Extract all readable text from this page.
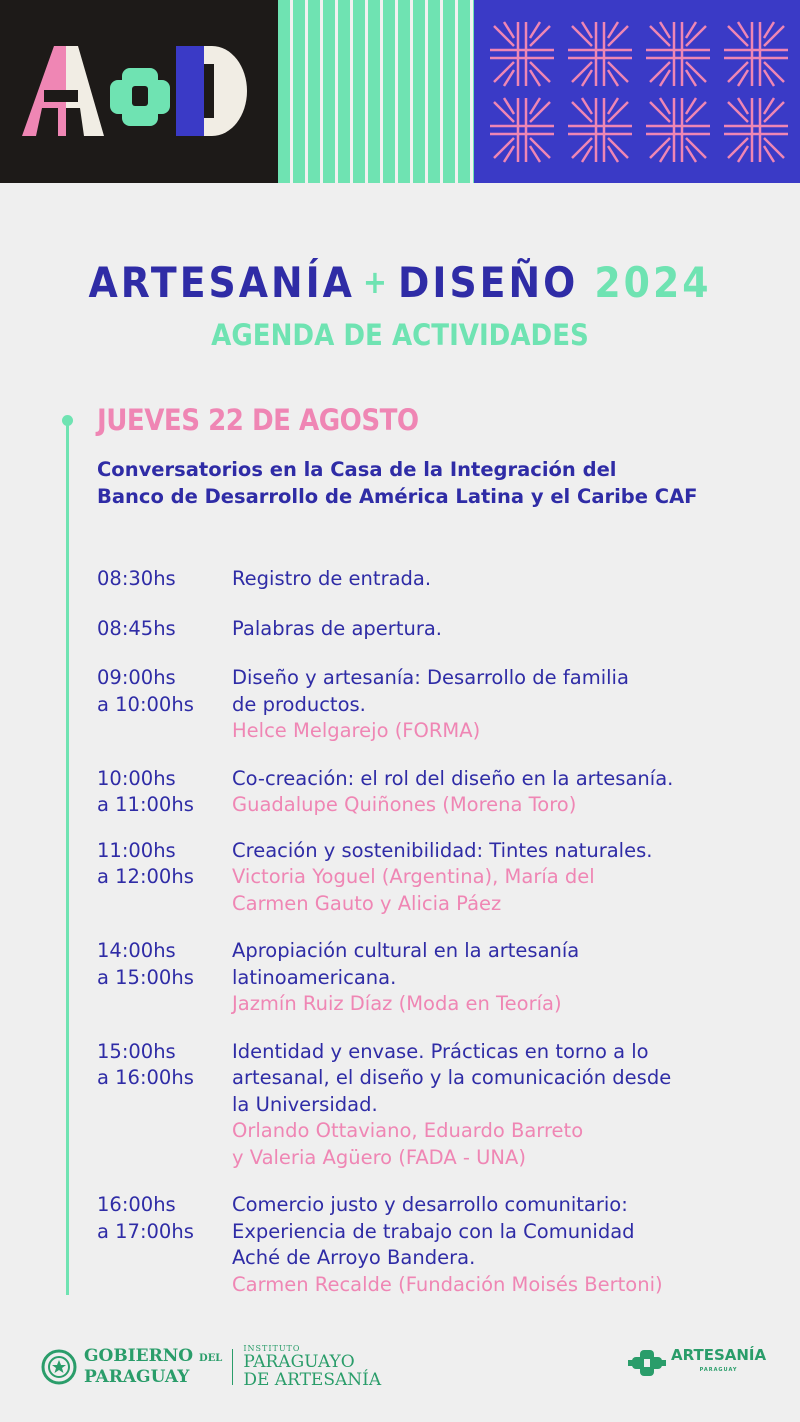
ARTESANÍA + DISEÑO 2024
AGENDA DE ACTIVIDADES
JUEVES 22 DE AGOSTO
Conversatorios en la Casa de la Integración del
Banco de Desarrollo de América Latina y el Caribe CAF
08:30hs	Registro de entrada.
08:45hs	Palabras de apertura.
09:00hs
a 10:00hs
Diseño y artesanía: Desarrollo de familia
de productos.
Helce Melgarejo (FORMA)
10:00hs
a 11:00hs
Co-creación: el rol del diseño en la artesanía.
Guadalupe Quiñones (Morena Toro)
11:00hs
a 12:00hs
Creación y sostenibilidad: Tintes naturales.
Victoria Yoguel (Argentina), María del
Carmen Gauto y Alicia Páez
14:00hs
a 15:00hs
Apropiación cultural en la artesanía
latinoamericana.
Jazmín Ruiz Díaz (Moda en Teoría)
15:00hs
a 16:00hs
Identidad y envase. Prácticas en torno a lo
artesanal, el diseño y la comunicación desde
la Universidad.
Orlando Ottaviano, Eduardo Barreto
y Valeria Agüero (FADA - UNA)
16:00hs
a 17:00hs
Comercio justo y desarrollo comunitario:
Experiencia de trabajo con la Comunidad
Aché de Arroyo Bandera.
Carmen Recalde (Fundación Moisés Bertoni)
GOBIERNO DEL
PARAGUAY
INSTITUTO
PARAGUAYO
DE ARTESANÍA
ARTESANÍA
PARAGUAY
